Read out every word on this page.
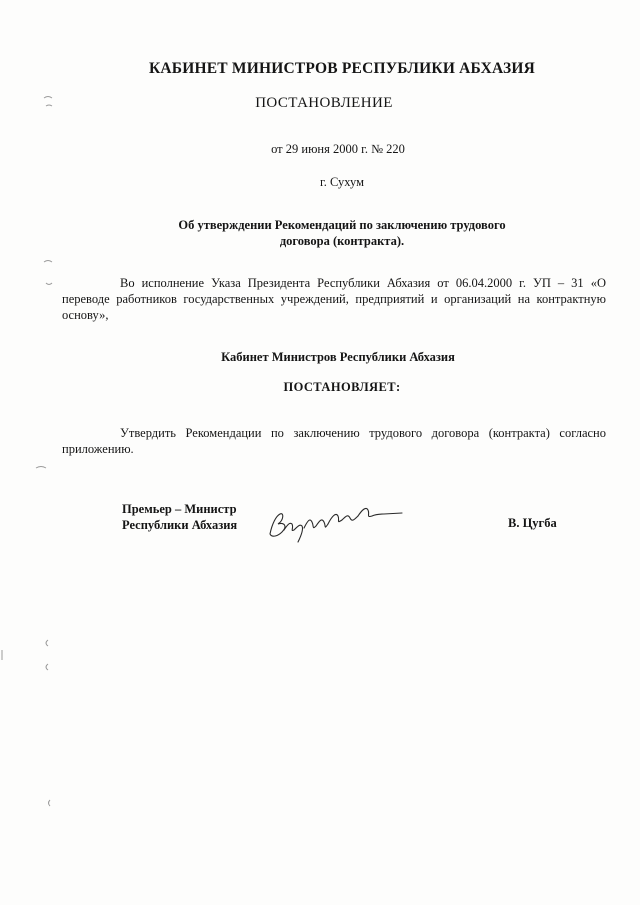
КАБИНЕТ МИНИСТРОВ РЕСПУБЛИКИ АБХАЗИЯ
ПОСТАНОВЛЕНИЕ
от 29 июня 2000 г. № 220
г. Сухум
Об утверждении Рекомендаций по заключению трудового
договора (контракта).
Во исполнение Указа Президента Республики Абхазия от 06.04.2000 г. УП – 31 «О переводе работников государственных учреждений, предприятий и организаций на контрактную основу»,
Кабинет Министров Республики Абхазия
ПОСТАНОВЛЯЕТ:
Утвердить Рекомендации по заключению трудового договора (контракта) согласно приложению.
Премьер – Министр
Республики Абхазия	В. Цугба
